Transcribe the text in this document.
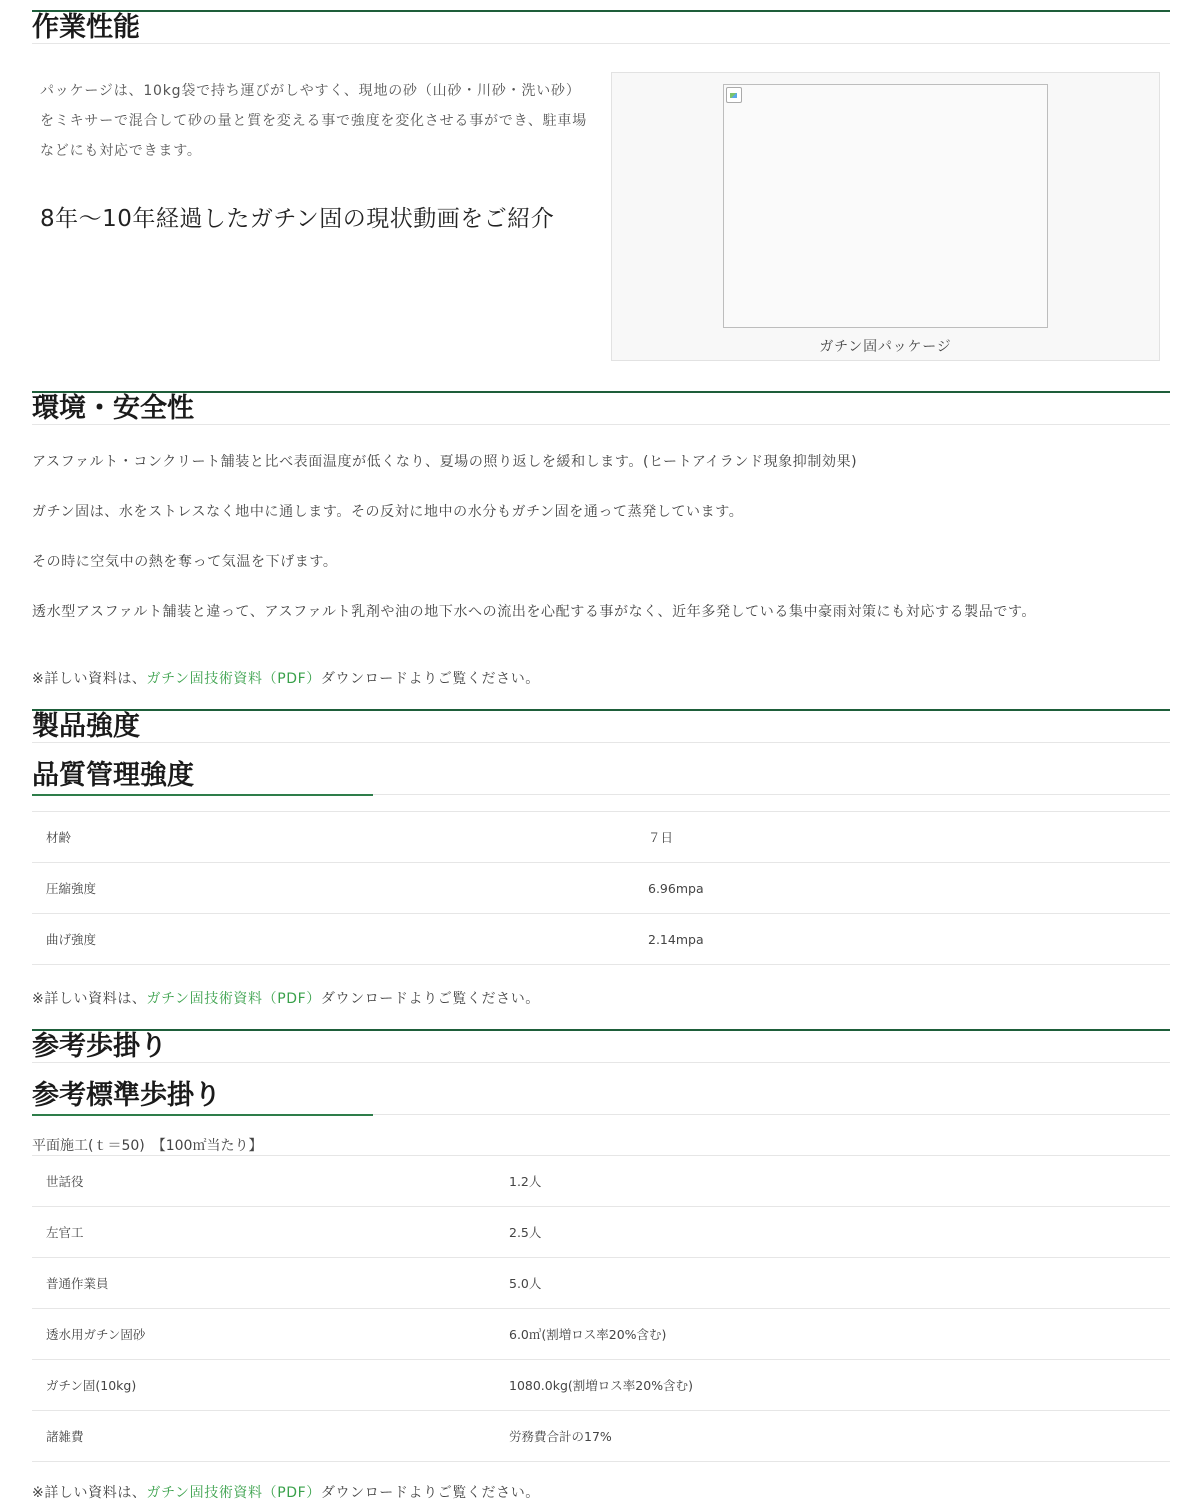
作業性能
パッケージは、10kg袋で持ち運びがしやすく、現地の砂（山砂・川砂・洗い砂）をミキサーで混合して砂の量と質を変える事で強度を変化させる事ができ、駐車場などにも対応できます。
8年〜10年経過したガチン固の現状動画をご紹介
ガチン固パッケージ
環境・安全性
アスファルト・コンクリート舗装と比べ表面温度が低くなり、夏場の照り返しを緩和します。(ヒートアイランド現象抑制効果)
ガチン固は、水をストレスなく地中に通します。その反対に地中の水分もガチン固を通って蒸発しています。
その時に空気中の熱を奪って気温を下げます。
透水型アスファルト舗装と違って、アスファルト乳剤や油の地下水への流出を心配する事がなく、近年多発している集中豪雨対策にも対応する製品です。
※詳しい資料は、ガチン固技術資料（PDF）ダウンロードよりご覧ください。
製品強度
品質管理強度
材齢	７日
圧縮強度	6.96mpa
曲げ強度	2.14mpa
※詳しい資料は、ガチン固技術資料（PDF）ダウンロードよりご覧ください。
参考歩掛り
参考標準歩掛り
平面施工(ｔ＝50)　【100㎡当たり】
世話役	1.2人
左官工	2.5人
普通作業員	5.0人
透水用ガチン固砂	6.0㎥(割増ロス率20%含む)
ガチン固(10kg)	1080.0kg(割増ロス率20%含む)
諸雑費	労務費合計の17%
※詳しい資料は、ガチン固技術資料（PDF）ダウンロードよりご覧ください。
